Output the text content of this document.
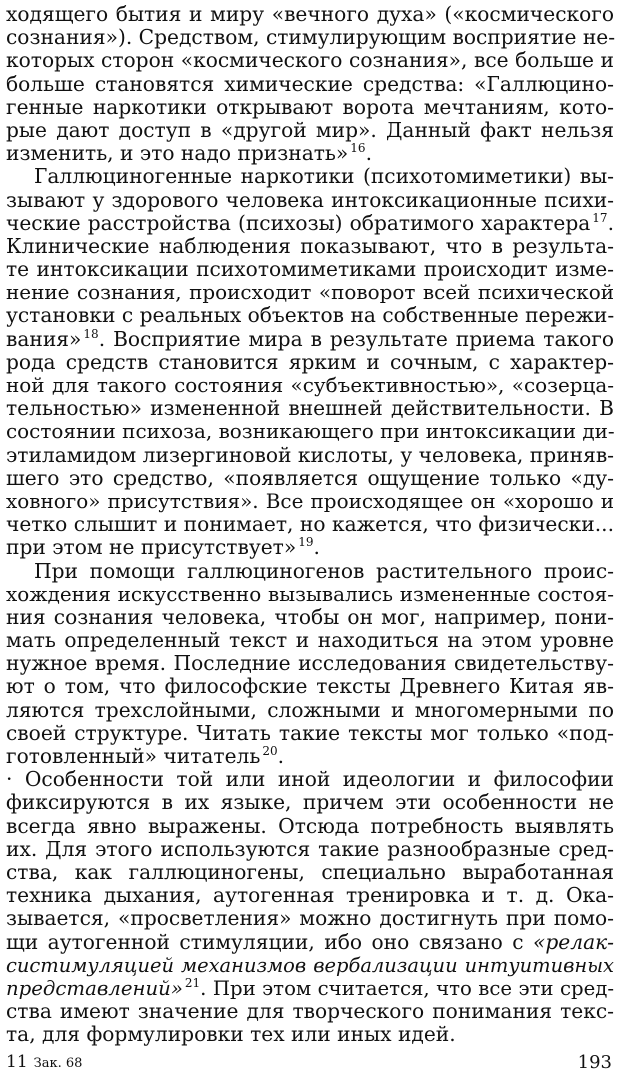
ходящего бытия и миру «вечного духа» («космического
сознания»). Средством, стимулирующим восприятие не-
которых сторон «космического сознания», все больше и
больше становятся химические средства: «Галлюцино-
генные наркотики открывают ворота мечтаниям, кото-
рые дают доступ в «другой мир». Данный факт нельзя
изменить, и это надо признать» $^{16}$.
Галлюциногенные наркотики (психотомиметики) вы-
зывают у здорового человека интоксикационные психи-
ческие расстройства (психозы) обратимого характера $^{17}$.
Клинические наблюдения показывают, что в результа-
те интоксикации психотомиметиками происходит изме-
нение сознания, происходит «поворот всей психической
установки с реальных объектов на собственные пережи-
вания» $^{18}$. Восприятие мира в результате приема такого
рода средств становится ярким и сочным, с характер-
ной для такого состояния «субъективностью», «созерца-
тельностью» измененной внешней действительности. В
состоянии психоза, возникающего при интоксикации ди-
этиламидом лизергиновой кислоты, у человека, приняв-
шего это средство, «появляется ощущение только «ду-
ховного» присутствия». Все происходящее он «хорошо и
четко слышит и понимает, но кажется, что физически...
при этом не присутствует» $^{19}$.
При помощи галлюциногенов растительного проис-
хождения искусственно вызывались измененные состоя-
ния сознания человека, чтобы он мог, например, пони-
мать определенный текст и находиться на этом уровне
нужное время. Последние исследования свидетельству-
ют о том, что философские тексты Древнего Китая яв-
ляются трехслойными, сложными и многомерными по
своей структуре. Читать такие тексты мог только «под-
готовленный» читатель $^{20}$.
· Особенности той или иной идеологии и философии
фиксируются в их языке, причем эти особенности не
всегда явно выражены. Отсюда потребность выявлять
их. Для этого используются такие разнообразные сред-
ства, как галлюциногены, специально выработанная
техника дыхания, аутогенная тренировка и т. д. Ока-
зывается, «просветления» можно достигнуть при помо-
щи аутогенной стимуляции, ибо оно связано с «релак-
систимуляцией механизмов вербализации интуитивных
представлений» $^{21}$. При этом считается, что все эти сред-
ства имеют значение для творческого понимания текс-
та, для формулировки тех или иных идей.
11 Зак. 68	193
